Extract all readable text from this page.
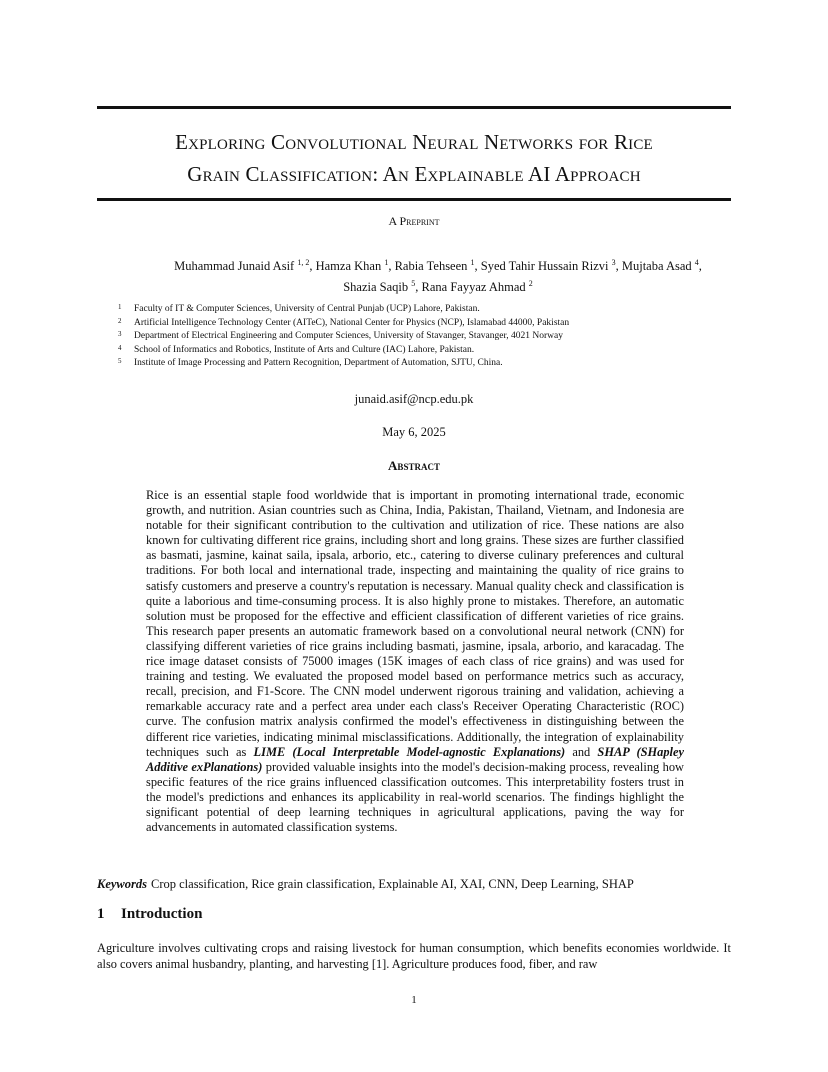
Exploring Convolutional Neural Networks for Rice
Grain Classification: An Explainable AI Approach
A Preprint
Muhammad Junaid Asif $^{1, 2}$, Hamza Khan $^1$, Rabia Tehseen $^1$, Syed Tahir Hussain Rizvi $^3$, Mujtaba Asad $^4$,
Shazia Saqib $^5$, Rana Fayyaz Ahmad $^2$
1 Faculty of IT & Computer Sciences, University of Central Punjab (UCP) Lahore, Pakistan.
2 Artificial Intelligence Technology Center (AITeC), National Center for Physics (NCP), Islamabad 44000, Pakistan
3 Department of Electrical Engineering and Computer Sciences, University of Stavanger, Stavanger, 4021 Norway
4 School of Informatics and Robotics, Institute of Arts and Culture (IAC) Lahore, Pakistan.
5 Institute of Image Processing and Pattern Recognition, Department of Automation, SJTU, China.
junaid.asif@ncp.edu.pk
May 6, 2025
Abstract

Rice is an essential staple food worldwide that is important in promoting international trade, economic growth, and nutrition. Asian countries such as China, India, Pakistan, Thailand, Vietnam, and Indonesia are notable for their significant contribution to the cultivation and utilization of rice. These nations are also known for cultivating different rice grains, including short and long grains. These sizes are further classified as basmati, jasmine, kainat saila, ipsala, arborio, etc., catering to diverse culinary preferences and cultural traditions. For both local and international trade, inspecting and maintaining the quality of rice grains to satisfy customers and preserve a country's reputation is necessary. Manual quality check and classification is quite a laborious and time-consuming process. It is also highly prone to mistakes. Therefore, an automatic solution must be proposed for the effective and efficient classification of different varieties of rice grains. This research paper presents an automatic framework based on a convolutional neural network (CNN) for classifying different varieties of rice grains including basmati, jasmine, ipsala, arborio, and karacadag. The rice image dataset consists of 75000 images (15K images of each class of rice grains) and was used for training and testing. We evaluated the proposed model based on performance metrics such as accuracy, recall, precision, and F1-Score. The CNN model underwent rigorous training and validation, achieving a remarkable accuracy rate and a perfect area under each class's Receiver Operating Characteristic (ROC) curve. The confusion matrix analysis confirmed the model's effectiveness in distinguishing between the different rice varieties, indicating minimal misclassifications. Additionally, the integration of explainability techniques such as LIME (Local Interpretable Model-agnostic Explanations) and SHAP (SHapley Additive exPlanations) provided valuable insights into the model's decision-making process, revealing how specific features of the rice grains influenced classification outcomes. This interpretability fosters trust in the model's predictions and enhances its applicability in real-world scenarios. The findings highlight the significant potential of deep learning techniques in agricultural applications, paving the way for advancements in automated classification systems.

Keywords Crop classification, Rice grain classification, Explainable AI, XAI, CNN, Deep Learning, SHAP
1 Introduction

Agriculture involves cultivating crops and raising livestock for human consumption, which benefits economies worldwide. It also covers animal husbandry, planting, and harvesting [1]. Agriculture produces food, fiber, and raw

1
